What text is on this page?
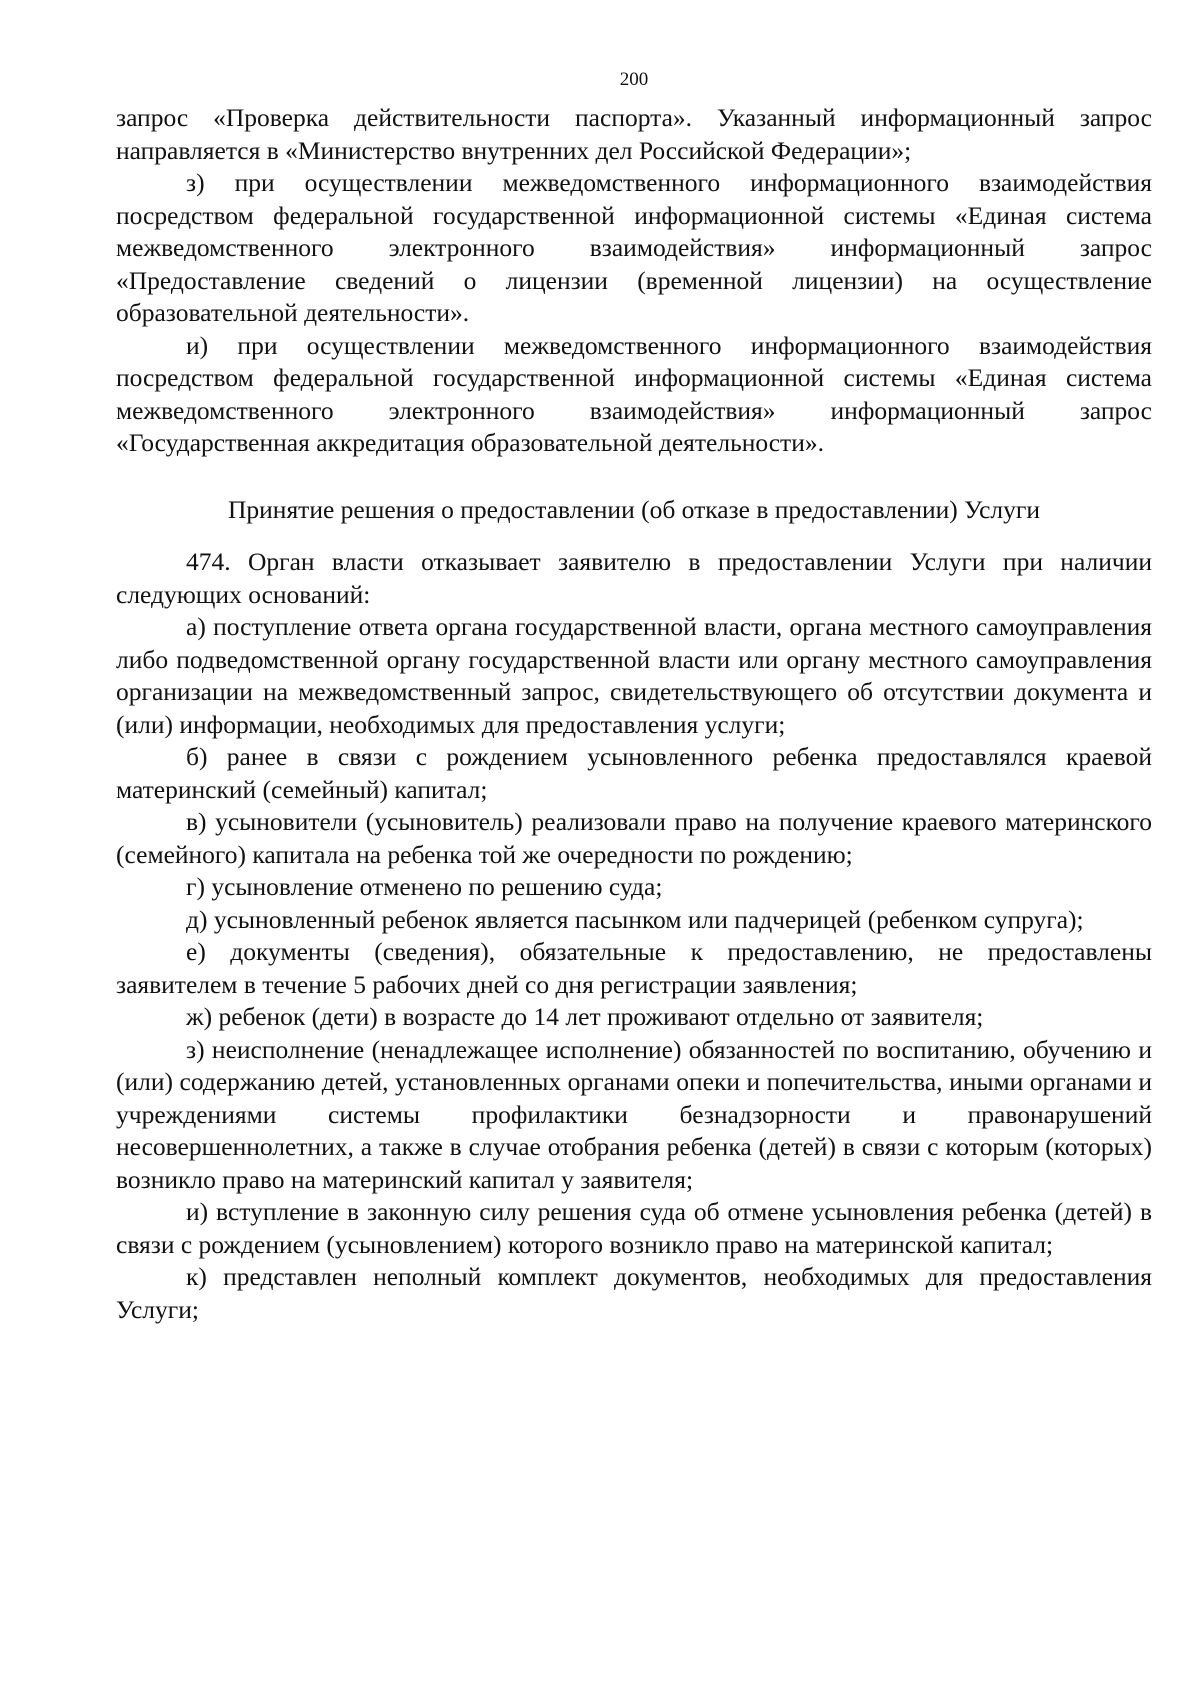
200

запрос «Проверка действительности паспорта». Указанный информационный запрос направляется в «Министерство внутренних дел Российской Федерации»;

з) при осуществлении межведомственного информационного взаимодействия посредством федеральной государственной информационной системы «Единая система межведомственного электронного взаимодействия» информационный запрос «Предоставление сведений о лицензии (временной лицензии) на осуществление образовательной деятельности».

и) при осуществлении межведомственного информационного взаимодействия посредством федеральной государственной информационной системы «Единая система межведомственного электронного взаимодействия» информационный запрос «Государственная аккредитация образовательной деятельности».

Принятие решения о предоставлении (об отказе в предоставлении) Услуги

474. Орган власти отказывает заявителю в предоставлении Услуги при наличии следующих оснований:

а) поступление ответа органа государственной власти, органа местного самоуправления либо подведомственной органу государственной власти или органу местного самоуправления организации на межведомственный запрос, свидетельствующего об отсутствии документа и (или) информации, необходимых для предоставления услуги;

б) ранее в связи с рождением усыновленного ребенка предоставлялся краевой материнский (семейный) капитал;

в) усыновители (усыновитель) реализовали право на получение краевого материнского (семейного) капитала на ребенка той же очередности по рождению;

г) усыновление отменено по решению суда;

д) усыновленный ребенок является пасынком или падчерицей (ребенком супруга);

е) документы (сведения), обязательные к предоставлению, не предоставлены заявителем в течение 5 рабочих дней со дня регистрации заявления;

ж) ребенок (дети) в возрасте до 14 лет проживают отдельно от заявителя;

з) неисполнение (ненадлежащее исполнение) обязанностей по воспитанию, обучению и (или) содержанию детей, установленных органами опеки и попечительства, иными органами и учреждениями системы профилактики безнадзорности и правонарушений несовершеннолетних, а также в случае отобрания ребенка (детей) в связи с которым (которых) возникло право на материнский капитал у заявителя;

и) вступление в законную силу решения суда об отмене усыновления ребенка (детей) в связи с рождением (усыновлением) которого возникло право на материнской капитал;

к) представлен неполный комплект документов, необходимых для предоставления Услуги;
